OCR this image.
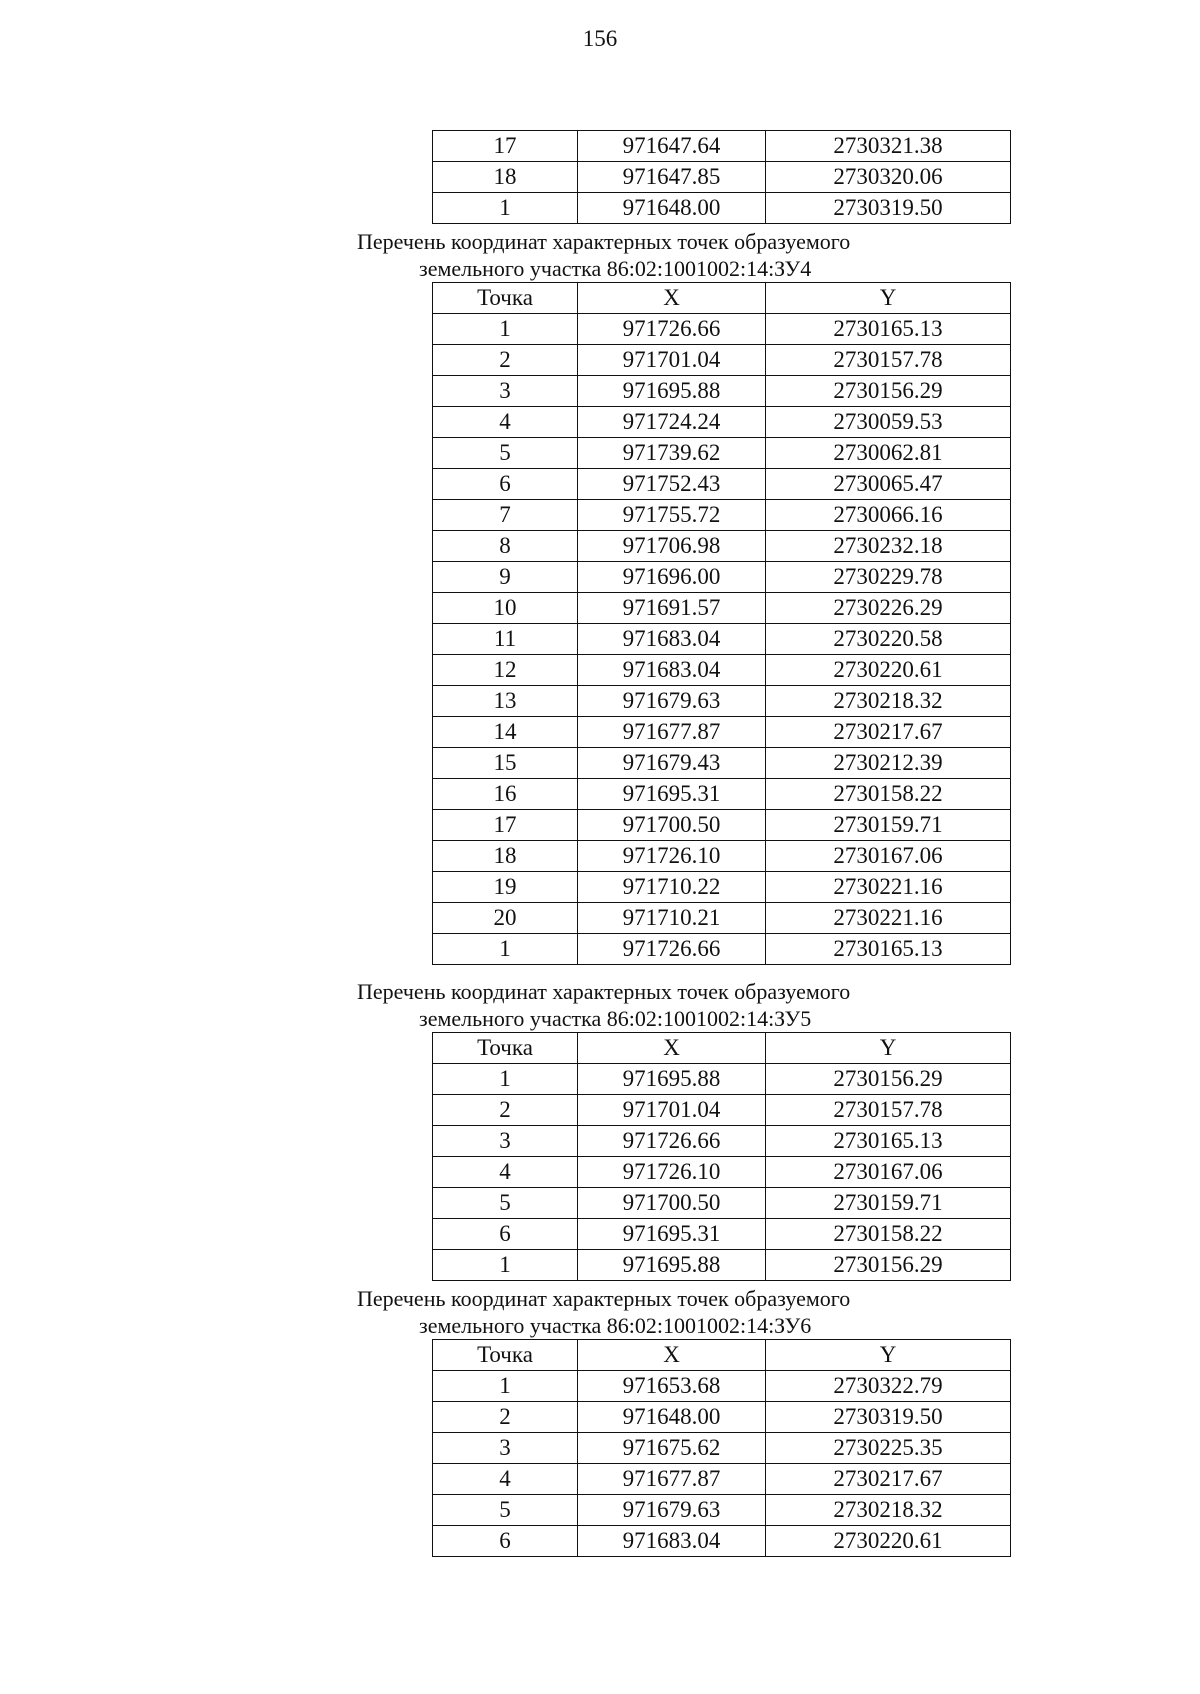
156
17	971647.64	2730321.38
18	971647.85	2730320.06
1	971648.00	2730319.50
Перечень координат характерных точек образуемого
земельного участка 86:02:1001002:14:ЗУ4
Точка	X	Y
1	971726.66	2730165.13
2	971701.04	2730157.78
3	971695.88	2730156.29
4	971724.24	2730059.53
5	971739.62	2730062.81
6	971752.43	2730065.47
7	971755.72	2730066.16
8	971706.98	2730232.18
9	971696.00	2730229.78
10	971691.57	2730226.29
11	971683.04	2730220.58
12	971683.04	2730220.61
13	971679.63	2730218.32
14	971677.87	2730217.67
15	971679.43	2730212.39
16	971695.31	2730158.22
17	971700.50	2730159.71
18	971726.10	2730167.06
19	971710.22	2730221.16
20	971710.21	2730221.16
1	971726.66	2730165.13
Перечень координат характерных точек образуемого
земельного участка 86:02:1001002:14:ЗУ5
Точка	X	Y
1	971695.88	2730156.29
2	971701.04	2730157.78
3	971726.66	2730165.13
4	971726.10	2730167.06
5	971700.50	2730159.71
6	971695.31	2730158.22
1	971695.88	2730156.29
Перечень координат характерных точек образуемого
земельного участка 86:02:1001002:14:ЗУ6
Точка	X	Y
1	971653.68	2730322.79
2	971648.00	2730319.50
3	971675.62	2730225.35
4	971677.87	2730217.67
5	971679.63	2730218.32
6	971683.04	2730220.61
